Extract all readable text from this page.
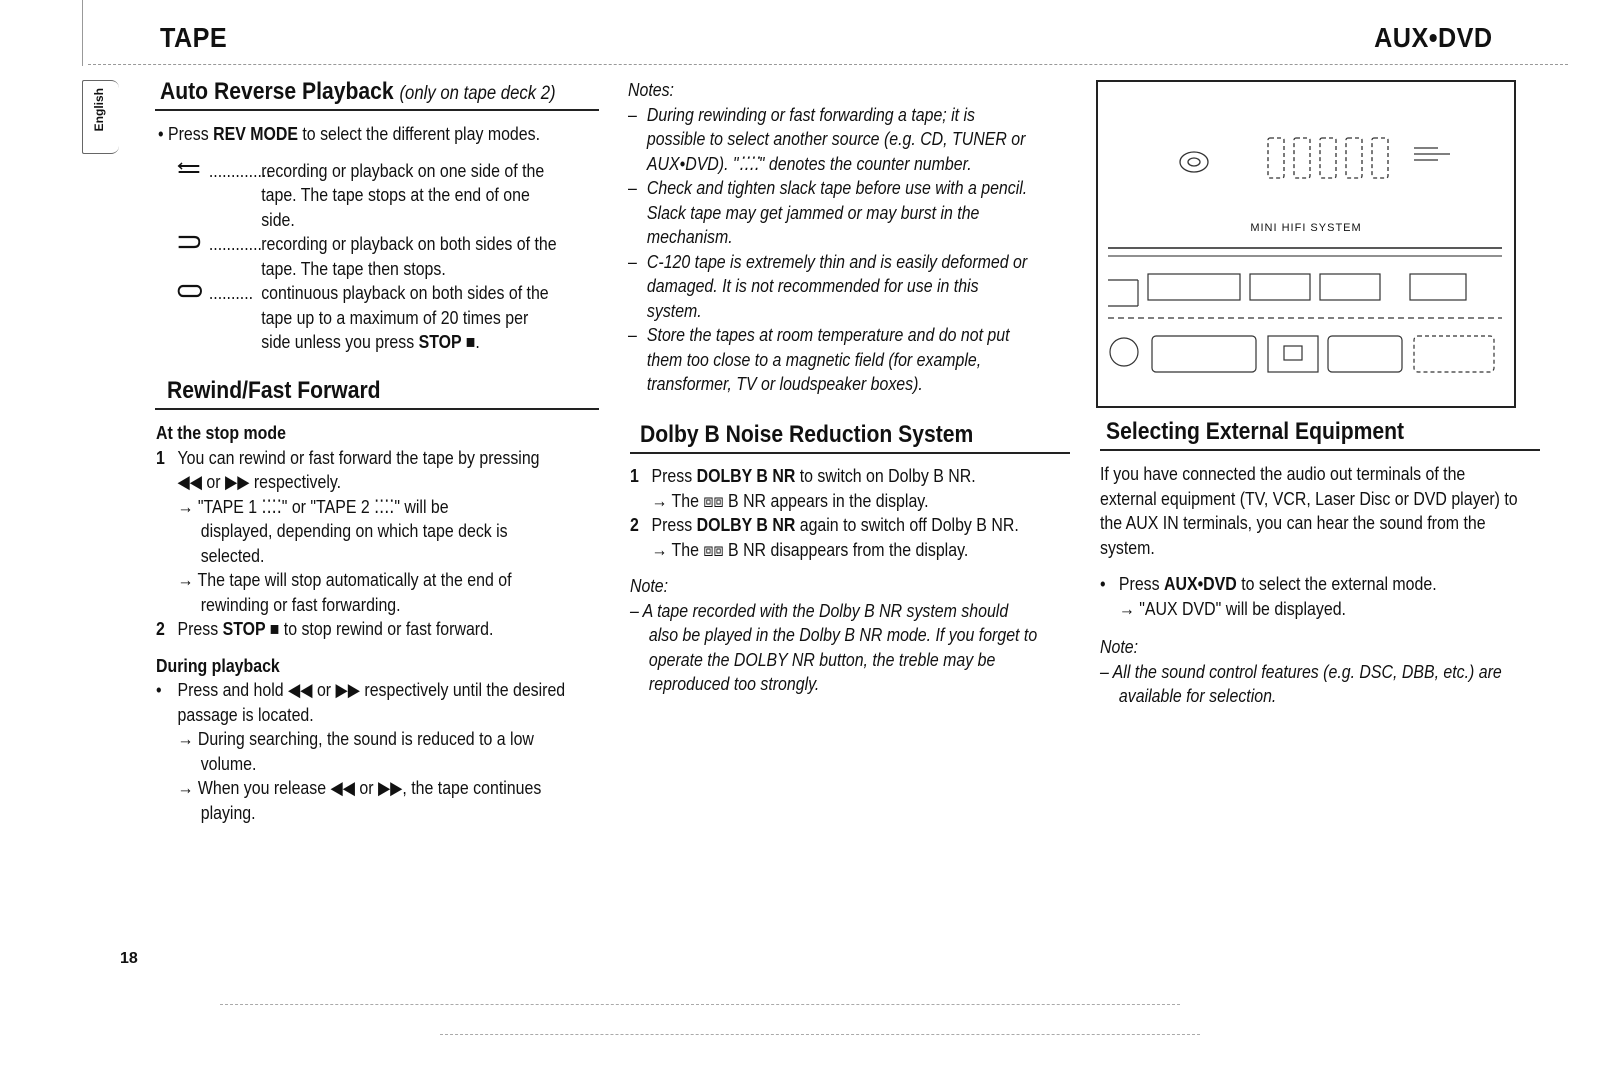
TAPE	AUX•DVD
English Auto Reverse Playback (only on tape deck 2)
• Press REV MODE to select the different play modes.
..............
recording or playback on one side of the
tape. The tape stops at the end of one
side.
............ recording or playback on both sides of the
tape. The tape then stops.
.......... continuous playback on both sides of the
tape up to a maximum of 20 times per
side unless you press STOP ■.
Rewind/Fast Forward
At the stop mode
1 You can rewind or fast forward the tape by pressing
◀◀ or ▶▶ respectively.
→ "TAPE 1 ⁚⁚⁚⁚" or "TAPE 2 ⁚⁚⁚⁚" will be
displayed, depending on which tape deck is
selected.
→ The tape will stop automatically at the end of
rewinding or fast forwarding.
2 Press STOP ■ to stop rewind or fast forward.
During playback
• Press and hold ◀◀ or ▶▶ respectively until the desired
passage is located.
→ During searching, the sound is reduced to a low
volume.
→ When you release ◀◀ or ▶▶, the tape continues
playing.
18
Notes:
– During rewinding or fast forwarding a tape; it is
possible to select another source (e.g. CD, TUNER or
AUX•DVD). "⁚⁚⁚⁚" denotes the counter number.
– Check and tighten slack tape before use with a pencil.
Slack tape may get jammed or may burst in the
mechanism.
– C-120 tape is extremely thin and is easily deformed or
damaged. It is not recommended for use in this
system.
– Store the tapes at room temperature and do not put
them too close to a magnetic field (for example,
transformer, TV or loudspeaker boxes).
Dolby B Noise Reduction System
1 Press DOLBY B NR to switch on Dolby B NR.
→ The ⧈⧈ B NR appears in the display.
2 Press DOLBY B NR again to switch off Dolby B NR.
→ The ⧈⧈ B NR disappears from the display.
Note:
– A tape recorded with the Dolby B NR system should
also be played in the Dolby B NR mode. If you forget to
operate the DOLBY NR button, the treble may be
reproduced too strongly.
MINI HIFI SYSTEM
Selecting External Equipment
If you have connected the audio out terminals of the
external equipment (TV, VCR, Laser Disc or DVD player) to
the AUX IN terminals, you can hear the sound from the
system.
• Press AUX•DVD to select the external mode.
→ "AUX DVD" will be displayed.
Note:
– All the sound control features (e.g. DSC, DBB, etc.) are
available for selection.
